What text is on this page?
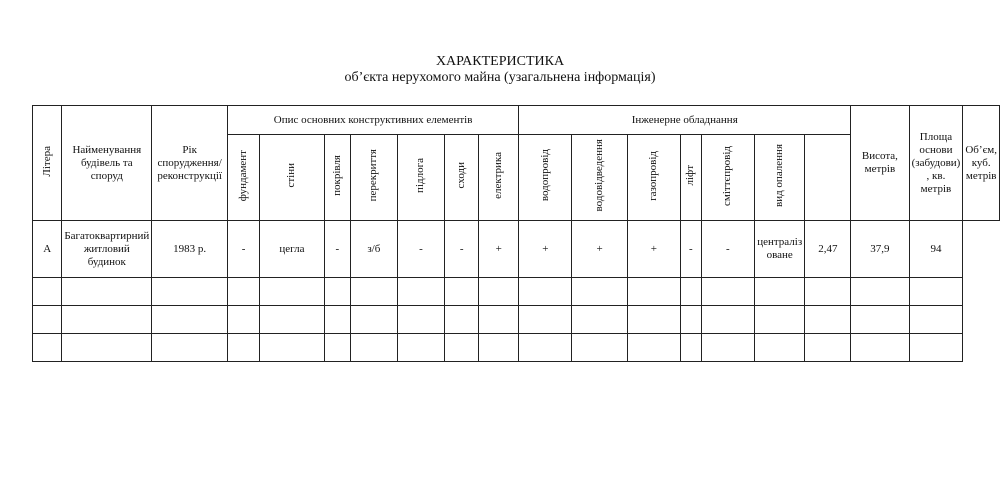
ХАРАКТЕРИСТИКА
об’єкта нерухомого майна (узагальнена інформація)
Літера	Найменування будівель та споруд	Рік спорудження/ реконструкції	Опис основних конструктивних елементів							Інженерне обладнання							Висота, метрів	Площа основи (забудови) , кв. метрів	Об’єм, куб. метрів

			фундамент	стіни	покрівля	перекриття	підлога	сходи	електрика	водопровід	водовідведення	газопровід	ліфт	сміттєпровід	вид опалення				
А	Багатоквартирний житловий будинок	1983 р.	-	цегла	-	з/б	-	-	+	+	+	+	-	-	централізоване	2,47	37,9	94	
